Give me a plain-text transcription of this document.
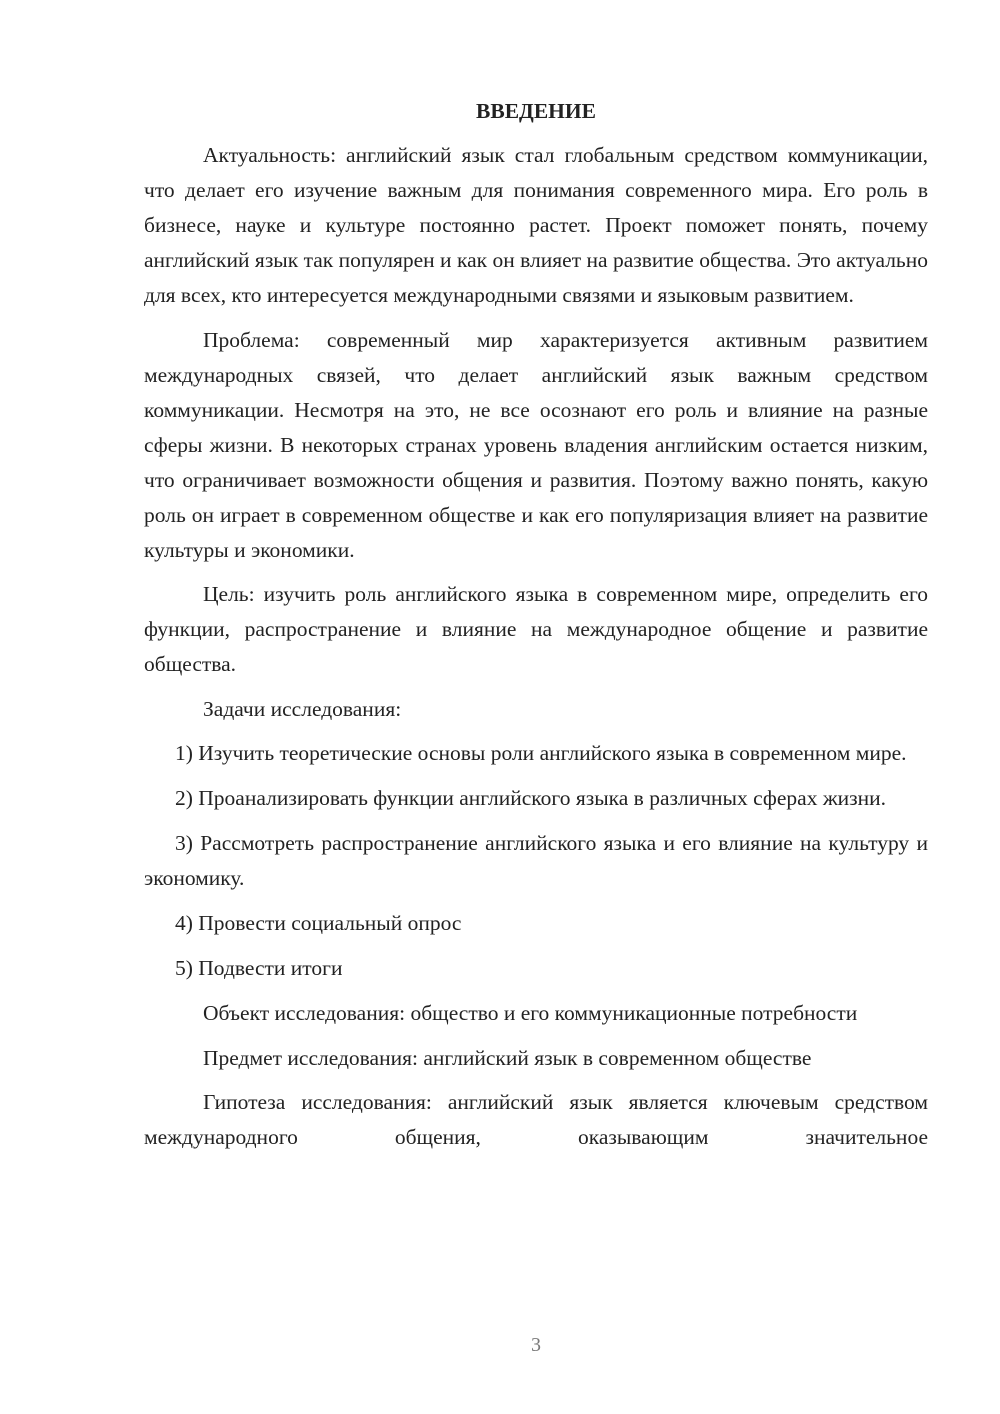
ВВЕДЕНИЕ

Актуальность: английский язык стал глобальным средством коммуникации, что делает его изучение важным для понимания современного мира. Его роль в бизнесе, науке и культуре постоянно растет. Проект поможет понять, почему английский язык так популярен и как он влияет на развитие общества. Это актуально для всех, кто интересуется международными связями и языковым развитием.

Проблема: современный мир характеризуется активным развитием международных связей, что делает английский язык важным средством коммуникации. Несмотря на это, не все осознают его роль и влияние на разные сферы жизни. В некоторых странах уровень владения английским остается низким, что ограничивает возможности общения и развития. Поэтому важно понять, какую роль он играет в современном обществе и как его популяризация влияет на развитие культуры и экономики.

Цель: изучить роль английского языка в современном мире, определить его функции, распространение и влияние на международное общение и развитие общества.

Задачи исследования:

1) Изучить теоретические основы роли английского языка в современном мире.

2) Проанализировать функции английского языка в различных сферах жизни.

3) Рассмотреть распространение английского языка и его влияние на культуру и экономику.

4) Провести социальный опрос

5) Подвести итоги

Объект исследования: общество и его коммуникационные потребности

Предмет исследования: английский язык в современном обществе

Гипотеза исследования: английский язык является ключевым средством международного общения, оказывающим значительное

3
